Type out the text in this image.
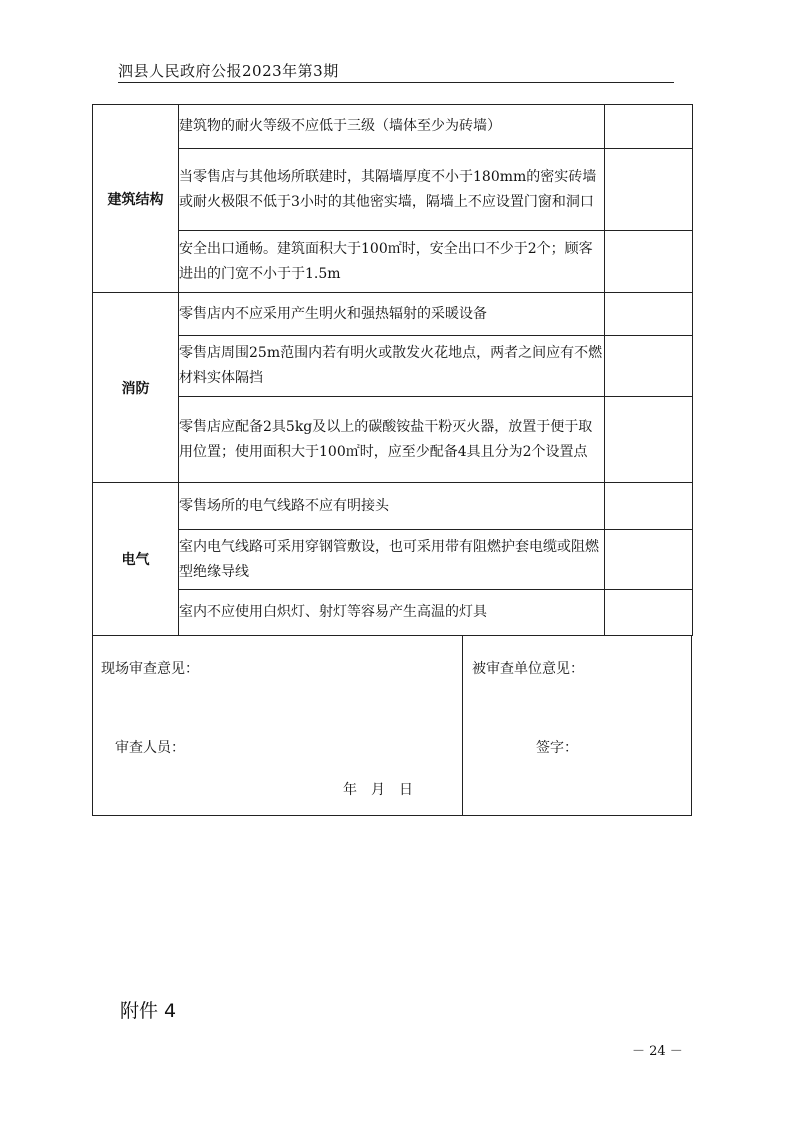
泗县人民政府公报2023年第3期
建筑结构	建筑物的耐火等级不应低于三级（墙体至少为砖墙）	
	当零售店与其他场所联建时，其隔墙厚度不小于180mm的密实砖墙或耐火极限不低于3小时的其他密实墙，隔墙上不应设置门窗和洞口	
	安全出口通畅。建筑面积大于100㎡时，安全出口不少于2个；顾客进出的门宽不小于于1.5m	
消防	零售店内不应采用产生明火和强热辐射的采暖设备	
	零售店周围25m范围内若有明火或散发火花地点，两者之间应有不燃材料实体隔挡	
	零售店应配备2具5kg及以上的碳酸铵盐干粉灭火器，放置于便于取用位置；使用面积大于100㎡时，应至少配备4具且分为2个设置点	
电气	零售场所的电气线路不应有明接头	
	室内电气线路可采用穿钢管敷设，也可采用带有阻燃护套电缆或阻燃型绝缘导线	
	室内不应使用白炽灯、射灯等容易产生高温的灯具	
现场审查意见：
审查人员：
年　月　日
被审查单位意见：
签字：
附件 4
－ 24 －
